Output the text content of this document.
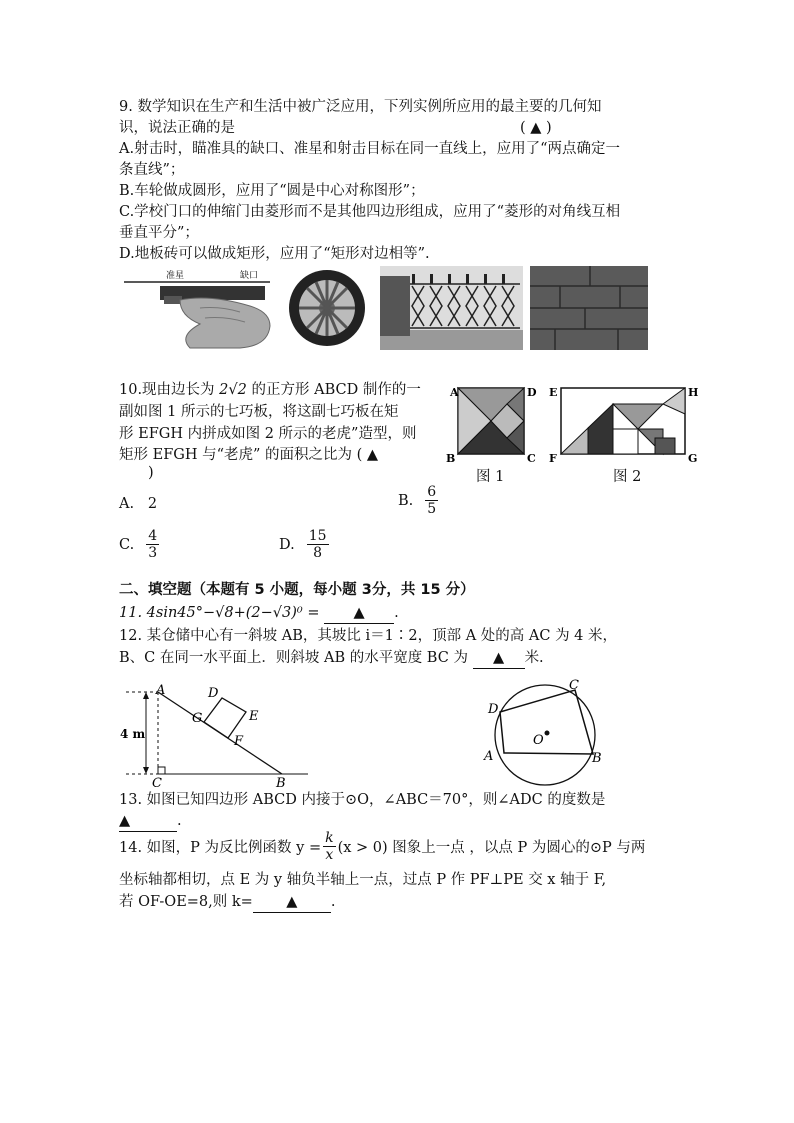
9. 数学知识在生产和生活中被广泛应用，下列实例所应用的最主要的几何知
识，说法正确的是	( ▲ )
A.射击时，瞄准具的缺口、准星和射击目标在同一直线上，应用了“两点确定一
条直线”；
B.车轮做成圆形，应用了“圆是中心对称图形”；
C.学校门口的伸缩门由菱形而不是其他四边形组成，应用了“菱形的对角线互相
垂直平分”；
D.地板砖可以做成矩形，应用了“矩形对边相等”.
准星	缺口
10.现由边长为 2√2 的正方形 ABCD 制作的一
副如图 1 所示的七巧板，将这副七巧板在矩
形 EFGH 内拼成如图 2 所示的老虎”造型，则
矩形 EFGH 与“老虎” 的面积之比为 ( ▲
)
A	D
B	C
图 1
E	H
F	G
图 2
A. 2	B. $\frac{6}{5}$
C. $\frac{4}{3}$	D. $\frac{15}{8}$
二、填空题（本题有 5 小题，每小题 3分，共 15 分）
11. 4sin45°−√8+(2−√3)⁰ = ▲ .
12. 某仓储中心有一斜坡 AB，其坡比 i＝1∶2，顶部 A 处的高 AC 为 4 米，
B、C 在同一水平面上．则斜坡 AB 的水平宽度 BC 为 ▲ 米.
4 m
A
C	B
D
E
G
F	O
D
C
A	B
13. 如图已知四边形 ABCD 内接于⊙O，∠ABC＝70°，则∠ADC 的度数是
▲	.
14. 如图，P 为反比例函数 $y = \frac{k}{x} (x > 0)$ 图象上一点 ，以点 P 为圆心的⊙P 与两
坐标轴都相切，点 E 为 y 轴负半轴上一点，过点 P 作 PF⊥PE 交 x 轴于 F,
若 OF-OE=8,则 k= ▲ .
